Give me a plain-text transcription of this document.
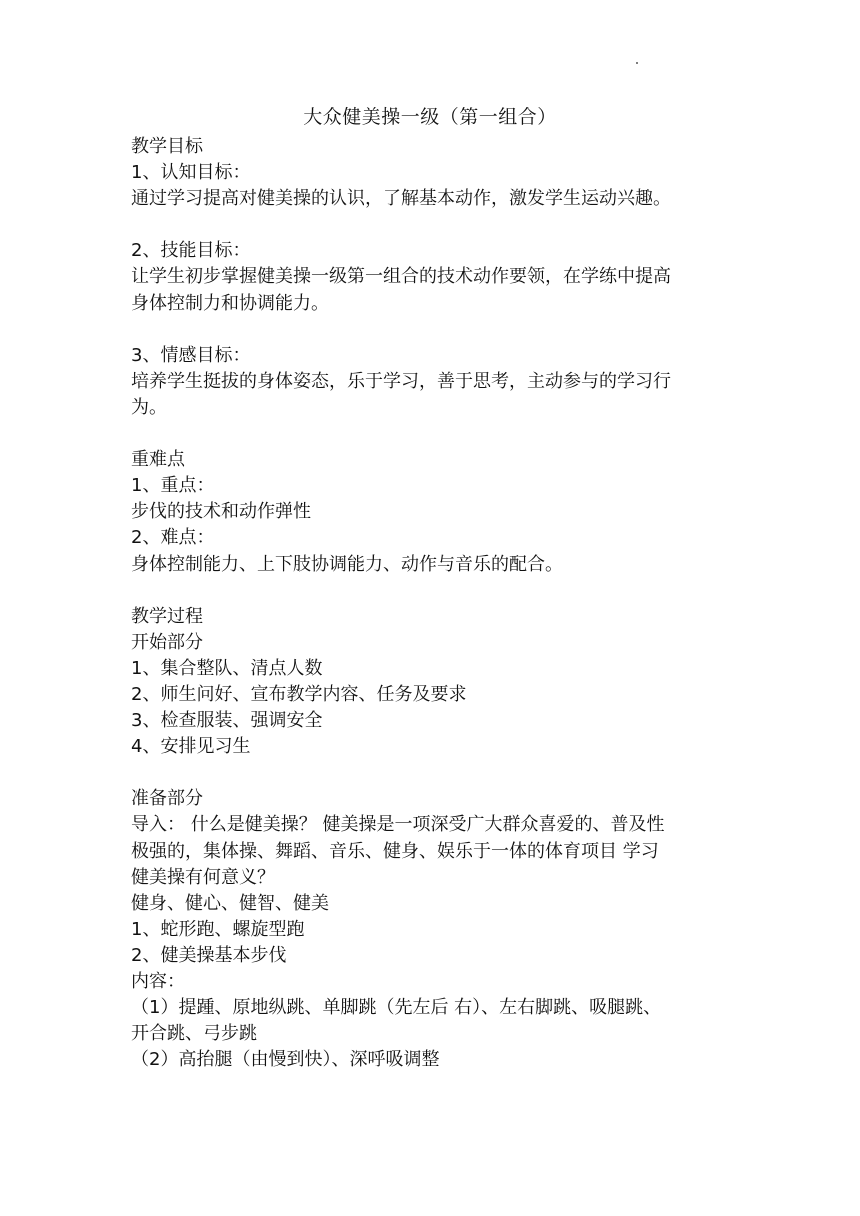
大众健美操一级（第一组合）
教学目标
1、认知目标：
通过学习提高对健美操的认识，了解基本动作，激发学生运动兴趣。
2、技能目标：
让学生初步掌握健美操一级第一组合的技术动作要领，在学练中提高
身体控制力和协调能力。
3、情感目标：
培养学生挺拔的身体姿态，乐于学习，善于思考，主动参与的学习行
为。
重难点
1、重点：
步伐的技术和动作弹性
2、难点：
身体控制能力、上下肢协调能力、动作与音乐的配合。
教学过程
开始部分
1、集合整队、清点人数
2、师生问好、宣布教学内容、任务及要求
3、检查服装、强调安全
4、安排见习生
准备部分
导入： 什么是健美操？ 健美操是一项深受广大群众喜爱的、普及性
极强的，集体操、舞蹈、音乐、健身、娱乐于一体的体育项目 学习
健美操有何意义？
健身、健心、健智、健美
1、蛇形跑、螺旋型跑
2、健美操基本步伐
内容：
（1）提踵、原地纵跳、单脚跳（先左后 右）、左右脚跳、吸腿跳、
开合跳、弓步跳
（2）高抬腿（由慢到快）、深呼吸调整
